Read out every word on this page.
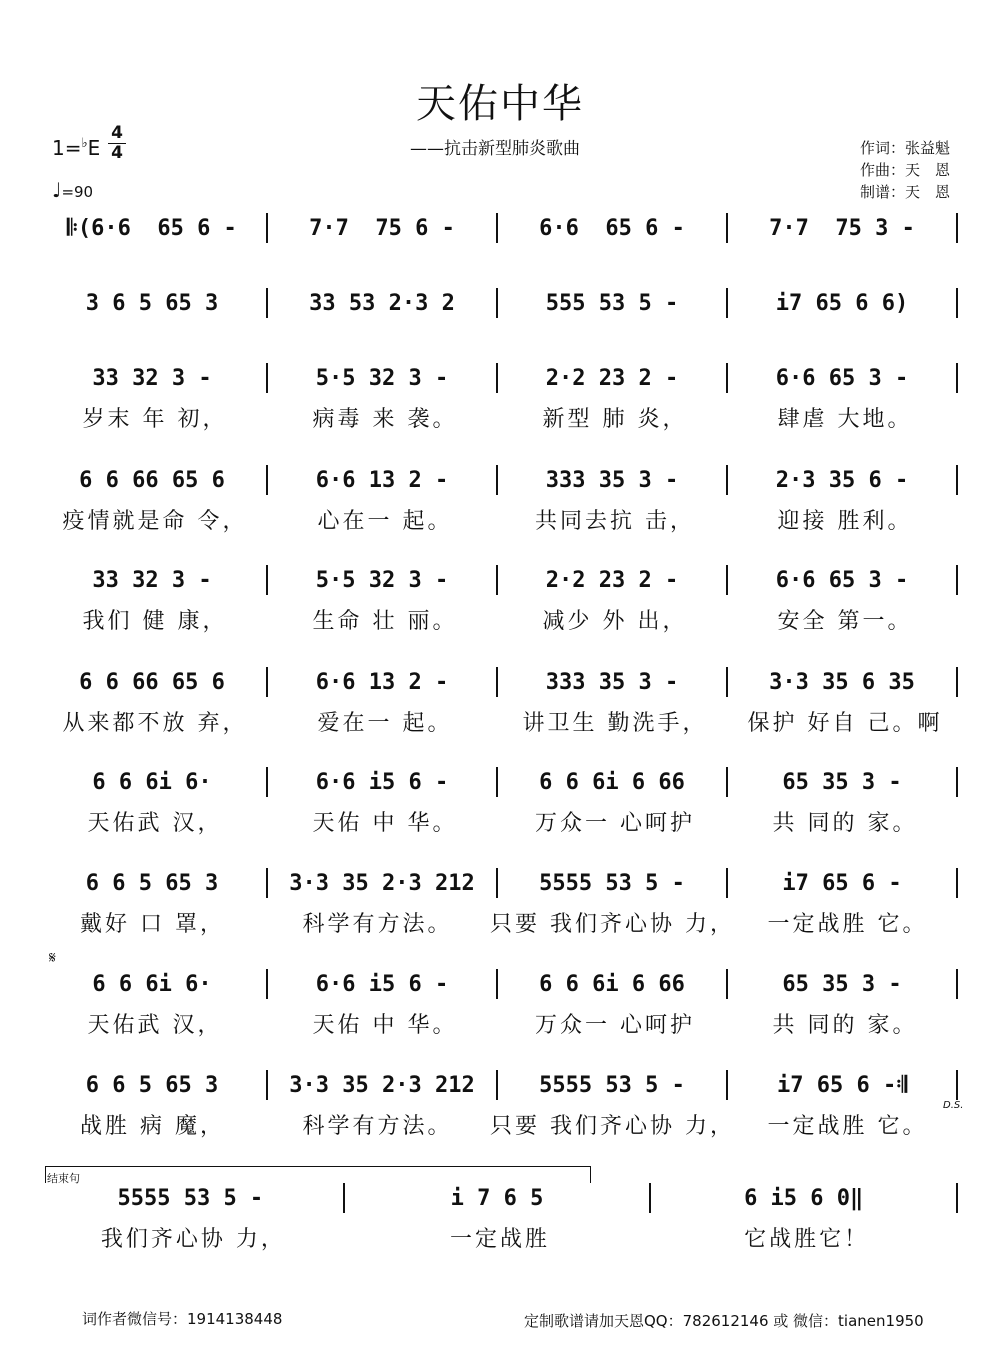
天佑中华
——抗击新型肺炎歌曲	作词：张益魁
作曲：天　恩
制谱：天　恩
1=♭E
4
4
♩=90
𝄆(6·6  65 6 -	7·7  75 6 -	6·6  65 6 -	7·7  75 3 -
3 6 5 65 3	33 53 2·3 2	555 53 5 -	i7 65 6 6)
33 32 3 -	5·5 32 3 -	2·2 23 2 -	6·6 65 3 -
岁末 年 初，	病毒 来 袭。	新型 肺 炎，	肆虐 大地。
6 6 66 65 6	6·6 13 2 -	333 35 3 -	2·3 35 6 -
疫情就是命 令，	心在一 起。	共同去抗 击，	迎接 胜利。
33 32 3 -	5·5 32 3 -	2·2 23 2 -	6·6 65 3 -
我们 健 康，	生命 壮 丽。	减少 外 出，	安全 第一。
6 6 66 65 6	6·6 13 2 -	333 35 3 -	3·3 35 6 35
从来都不放 弃，	爱在一 起。	讲卫生 勤洗手，	保护 好自 己。啊
6 6 6i 6·	6·6 i5 6 -	6 6 6i 6 66	65 35 3 -
天佑武 汉，	天佑 中 华。	万众一 心呵护	共 同的 家。
6 6 5 65 3	3·3 35 2·3 212	5555 53 5 -	i7 65 6 -
戴好 口 罩，	科学有方法。	只要 我们齐心协 力，	一定战胜 它。
6 6 6i 6·	6·6 i5 6 -	6 6 6i 6 66	65 35 3 -
天佑武 汉，	天佑 中 华。	万众一 心呵护	共 同的 家。
6 6 5 65 3	3·3 35 2·3 212	5555 53 5 -	i7 65 6 -𝄇
战胜 病 魔，	科学有方法。	只要 我们齐心协 力，	一定战胜 它。
5555 53 5 -	i 7 6 5	6 i5 6 0‖
我们齐心协 力，	一定战胜	它战胜它！
𝄋
D.S.
结束句
词作者微信号：1914138448	定制歌谱请加天恩QQ：782612146 或 微信：tianen1950
